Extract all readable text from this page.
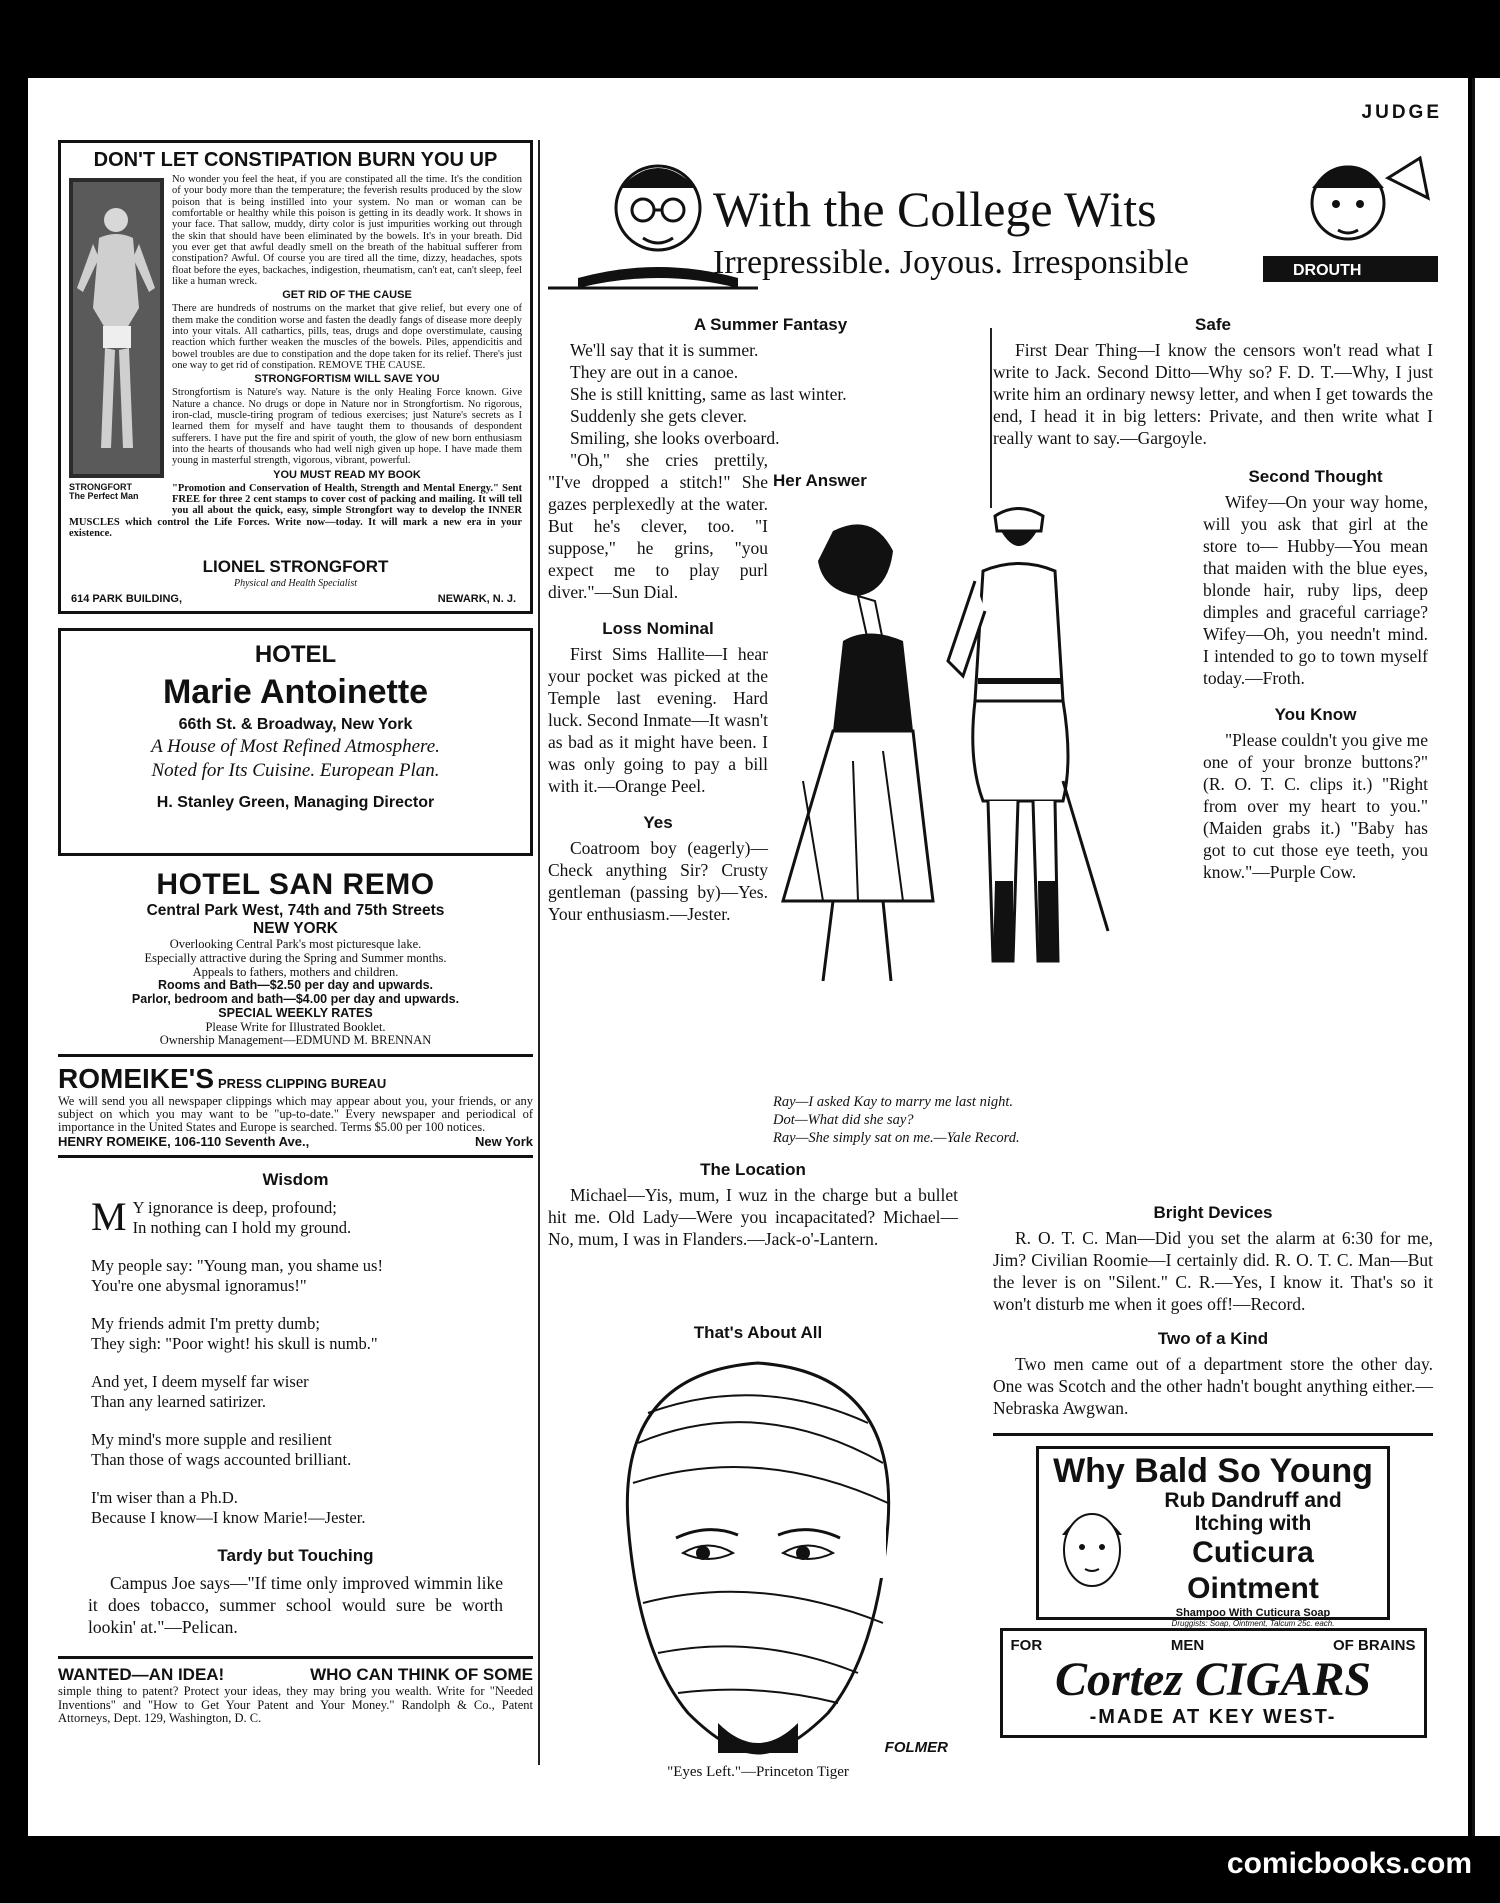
JUDGE
DON'T LET CONSTIPATION BURN YOU UP
STRONGFORT
The Perfect Man
No wonder you feel the heat, if you are constipated all the time. It's the condition of your body more than the temperature; the feverish results produced by the slow poison that is being instilled into your system. No man or woman can be comfortable or healthy while this poison is getting in its deadly work. It shows in your face. That sallow, muddy, dirty color is just impurities working out through the skin that should have been eliminated by the bowels. It's in your breath. Did you ever get that awful deadly smell on the breath of the habitual sufferer from constipation? Awful. Of course you are tired all the time, dizzy, headaches, spots float before the eyes, backaches, indigestion, rheumatism, can't eat, can't sleep, feel like a human wreck.
GET RID OF THE CAUSE
There are hundreds of nostrums on the market that give relief, but every one of them make the condition worse and fasten the deadly fangs of disease more deeply into your vitals. All cathartics, pills, teas, drugs and dope overstimulate, causing reaction which further weaken the muscles of the bowels. Piles, appendicitis and bowel troubles are due to constipation and the dope taken for its relief. There's just one way to get rid of constipation. REMOVE THE CAUSE.
STRONGFORTISM WILL SAVE YOU
Strongfortism is Nature's way. Nature is the only Healing Force known. Give Nature a chance. No drugs or dope in Nature nor in Strongfortism. No rigorous, iron-clad, muscle-tiring program of tedious exercises; just Nature's secrets as I learned them for myself and have taught them to thousands of despondent sufferers. I have put the fire and spirit of youth, the glow of new born enthusiasm into the hearts of thousands who had well nigh given up hope. I have made them young in masterful strength, vigorous, vibrant, powerful.
YOU MUST READ MY BOOK
"Promotion and Conservation of Health, Strength and Mental Energy." Sent FREE for three 2 cent stamps to cover cost of packing and mailing. It will tell you all about the quick, easy, simple Strongfort way to develop the INNER MUSCLES which control the Life Forces. Write now—today. It will mark a new era in your existence.
LIONEL STRONGFORT
Physical and Health Specialist
614 PARK BUILDING,	NEWARK, N. J.
HOTEL
Marie Antoinette
66th St. & Broadway, New York
A House of Most Refined Atmosphere.
Noted for Its Cuisine. European Plan.
H. Stanley Green, Managing Director
HOTEL SAN REMO
Central Park West, 74th and 75th Streets
NEW YORK
Overlooking Central Park's most picturesque lake.
Especially attractive during the Spring and Summer months.
Appeals to fathers, mothers and children.
Rooms and Bath—$2.50 per day and upwards.
Parlor, bedroom and bath—$4.00 per day and upwards.
SPECIAL WEEKLY RATES
Please Write for Illustrated Booklet.
Ownership Management—EDMUND M. BRENNAN
ROMEIKE'S PRESS CLIPPING BUREAU
We will send you all newspaper clippings which may appear about you, your friends, or any subject on which you may want to be "up-to-date." Every newspaper and periodical of importance in the United States and Europe is searched. Terms $5.00 per 100 notices.
HENRY ROMEIKE, 106-110 Seventh Ave.,	New York
Wisdom
M Y ignorance is deep, profound;
In nothing can I hold my ground.
My people say: "Young man, you shame us!
You're one abysmal ignoramus!"
My friends admit I'm pretty dumb;
They sigh: "Poor wight! his skull is numb."
And yet, I deem myself far wiser
Than any learned satirizer.
My mind's more supple and resilient
Than those of wags accounted brilliant.
I'm wiser than a Ph.D.
Because I know—I know Marie!—Jester.
Tardy but Touching

Campus Joe says—"If time only improved wimmin like it does tobacco, summer school would sure be worth lookin' at."—Pelican.

WANTED—AN IDEA!	WHO CAN THINK OF SOME
simple thing to patent? Protect your ideas, they may bring you wealth. Write for "Needed Inventions" and "How to Get Your Patent and Your Money." Randolph & Co., Patent Attorneys, Dept. 129, Washington, D. C.
DROUTH
With the College Wits
Irrepressible. Joyous. Irresponsible
A Summer Fantasy
We'll say that it is summer.
They are out in a canoe.
She is still knitting, same as last winter.
Suddenly she gets clever.
Smiling, she looks overboard.

"Oh," she cries prettily, "I've dropped a stitch!" She gazes perplexedly at the water. But he's clever, too. "I suppose," he grins, "you expect me to play purl diver."—Sun Dial.

Loss Nominal

First Sims Hallite—I hear your pocket was picked at the Temple last evening. Hard luck. Second Inmate—It wasn't as bad as it might have been. I was only going to pay a bill with it.—Orange Peel.

Yes

Coatroom boy (eagerly)—Check anything Sir? Crusty gentleman (passing by)—Yes. Your enthusiasm.—Jester.

Her Answer
Ray—I asked Kay to marry me last night.
Dot—What did she say?
Ray—She simply sat on me.—Yale Record.
The Location

Michael—Yis, mum, I wuz in the charge but a bullet hit me. Old Lady—Were you incapacitated? Michael—No, mum, I was in Flanders.—Jack-o'-Lantern.

That's About All
FOLMER
"Eyes Left."—Princeton Tiger
Safe

First Dear Thing—I know the censors won't read what I write to Jack. Second Ditto—Why so? F. D. T.—Why, I just write him an ordinary newsy letter, and when I get towards the end, I head it in big letters: Private, and then write what I really want to say.—Gargoyle.

Second Thought

Wifey—On your way home, will you ask that girl at the store to— Hubby—You mean that maiden with the blue eyes, blonde hair, ruby lips, deep dimples and graceful carriage? Wifey—Oh, you needn't mind. I intended to go to town myself today.—Froth.

You Know

"Please couldn't you give me one of your bronze buttons?" (R. O. T. C. clips it.) "Right from over my heart to you." (Maiden grabs it.) "Baby has got to cut those eye teeth, you know."—Purple Cow.

Bright Devices

R. O. T. C. Man—Did you set the alarm at 6:30 for me, Jim? Civilian Roomie—I certainly did. R. O. T. C. Man—But the lever is on "Silent." C. R.—Yes, I know it. That's so it won't disturb me when it goes off!—Record.

Two of a Kind

Two men came out of a department store the other day. One was Scotch and the other hadn't bought anything either.—Nebraska Awgwan.

Why Bald So Young
Rub Dandruff and
Itching with
Cuticura Ointment
Shampoo With Cuticura Soap
Druggists: Soap, Ointment, Talcum 25c. each.
FOR	MEN	OF BRAINS
Cortez CIGARS
-MADE AT KEY WEST-
comicbooks.com
